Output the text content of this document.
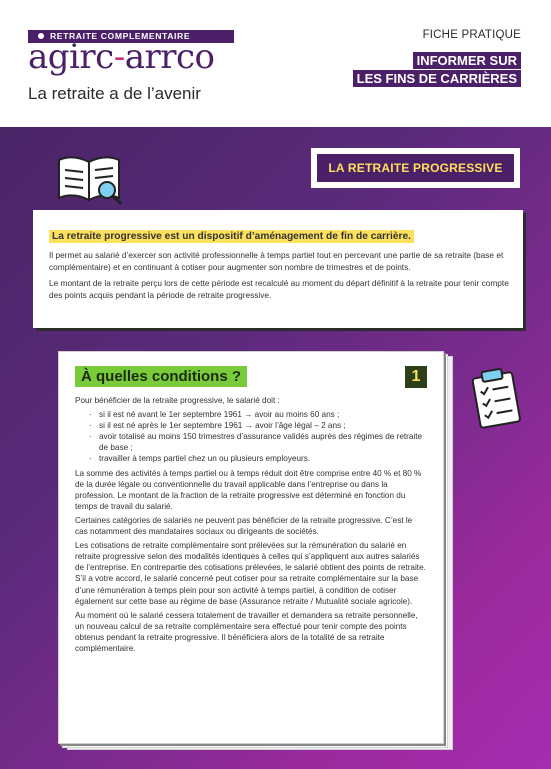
RETRAITE COMPLEMENTAIRE
agirc-arrco
La retraite a de l’avenir
FICHE PRATIQUE
INFORMER SUR
LES FINS DE CARRIÈRES
LA RETRAITE PROGRESSIVE
La retraite progressive est un dispositif d’aménagement de fin de carrière.

Il permet au salarié d’exercer son activité professionnelle à temps partiel tout en percevant une partie de sa retraite (base et complémentaire) et en continuant à cotiser pour augmenter son nombre de trimestres et de points.

Le montant de la retraite perçu lors de cette période est recalculé au moment du départ définitif à la retraite pour tenir compte des points acquis pendant la période de retraite progressive.

À quelles conditions ?	1

Pour bénéficier de la retraite progressive, le salarié doit :

· si il est né avant le 1er septembre 1961 → avoir au moins 60 ans ;
· si il est né après le 1er septembre 1961 → avoir l’âge légal – 2 ans ;
· avoir totalisé au moins 150 trimestres d’assurance validés auprès des régimes de retraite de base ;
· travailler à temps partiel chez un ou plusieurs employeurs.

La somme des activités à temps partiel ou à temps réduit doit être comprise entre 40 % et 80 % de la durée légale ou conventionnelle du travail applicable dans l’entreprise ou dans la profession. Le montant de la fraction de la retraite progressive est déterminé en fonction du temps de travail du salarié.

Certaines catégories de salariés ne peuvent pas bénéficier de la retraite progressive. C’est le cas notamment des mandataires sociaux ou dirigeants de sociétés.

Les cotisations de retraite complémentaire sont prélevées sur la rémunération du salarié en retraite progressive selon des modalités identiques à celles qui s’appliquent aux autres salariés de l’entreprise. En contrepartie des cotisations prélevées, le salarié obtient des points de retraite. S’il a votre accord, le salarié concerné peut cotiser pour sa retraite complémentaire sur la base d’une rémunération à temps plein pour son activité à temps partiel, à condition de cotiser également sur cette base au régime de base (Assurance retraite / Mutualité sociale agricole).

Au moment où le salarié cessera totalement de travailler et demandera sa retraite personnelle, un nouveau calcul de sa retraite complémentaire sera effectué pour tenir compte des points obtenus pendant la retraite progressive. Il bénéficiera alors de la totalité de sa retraite complémentaire.
